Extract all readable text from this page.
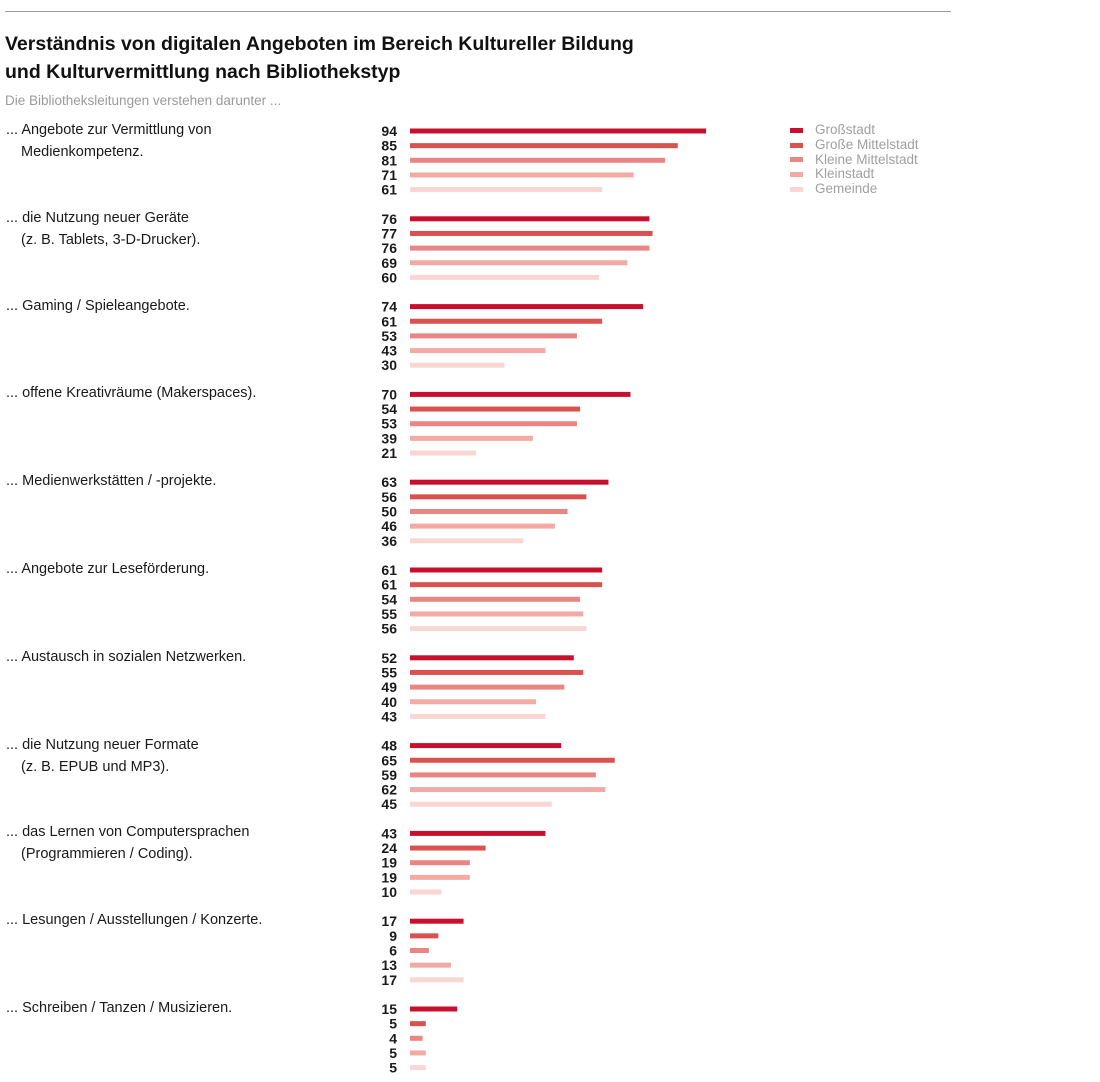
Verständnis von digitalen Angeboten im Bereich Kultureller Bildung
und Kulturvermittlung nach Bibliothekstyp
Die Bibliotheksleitungen verstehen darunter ...
94
85
81
71
61
76
77
76
69
60
74
61
53
43
30
70
54
53
39
21
63
56
50
46
36
61
61
54
55
56
52
55
49
40
43
48
65
59
62
45
43
24
19
19
10
17
9
6
13
17
15
5
4
5
5
... Angebote zur Vermittlung von
Medienkompetenz.
... die Nutzung neuer Geräte
(z. B. Tablets, 3-D-Drucker).
... Gaming / Spieleangebote.
... offene Kreativräume (Makerspaces).
... Medienwerkstätten / -projekte.
... Angebote zur Leseförderung.
... Austausch in sozialen Netzwerken.
... die Nutzung neuer Formate
(z. B. EPUB und MP3).
... das Lernen von Computersprachen
(Programmieren / Coding).
... Lesungen / Ausstellungen / Konzerte.
... Schreiben / Tanzen / Musizieren.
Großstadt
Große Mittelstadt
Kleine Mittelstadt
Kleinstadt
Gemeinde
